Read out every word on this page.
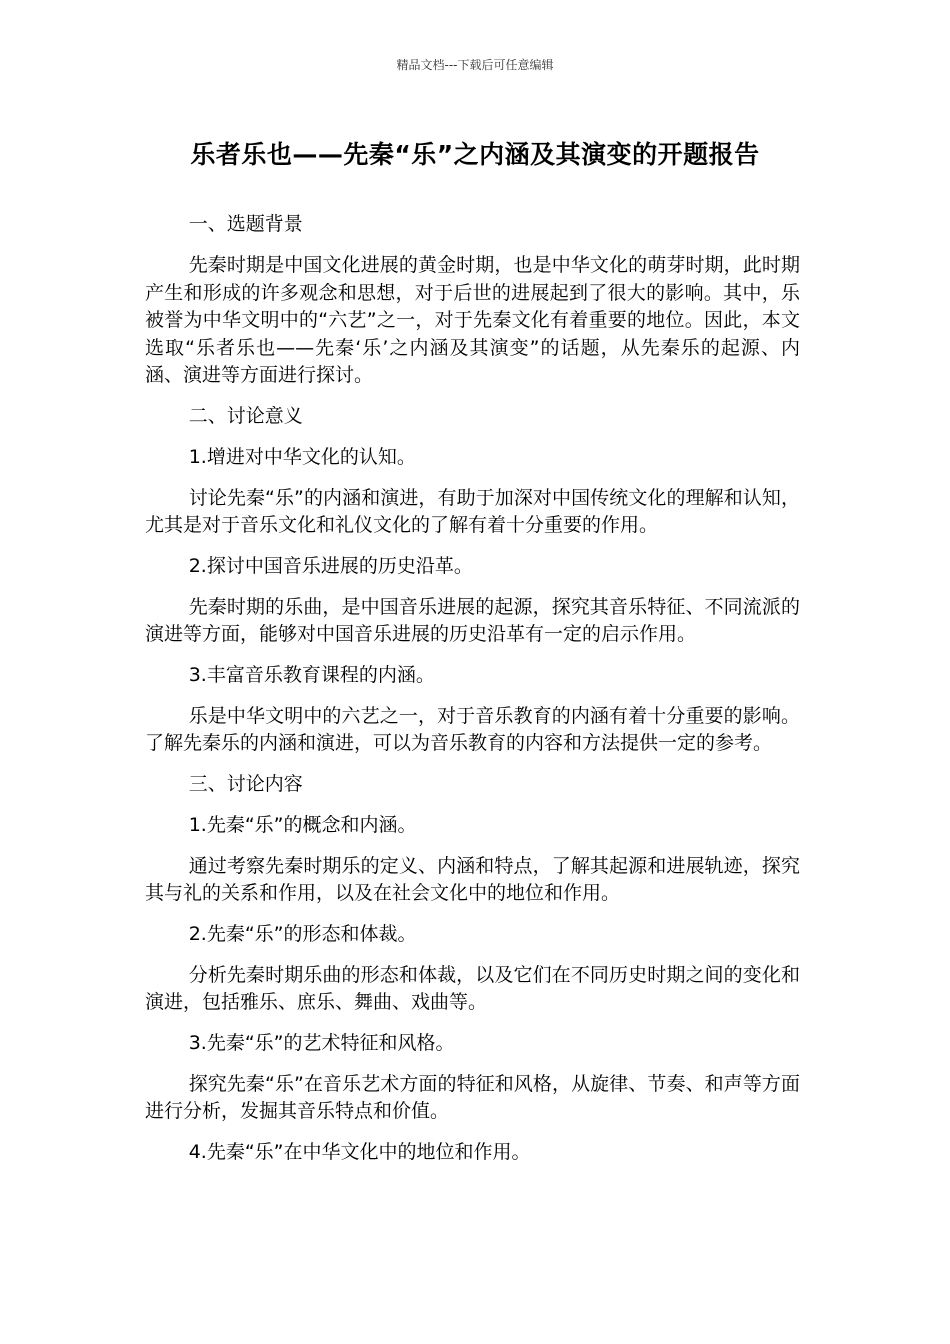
精品文档---下载后可任意编辑
乐者乐也——先秦“乐”之内涵及其演变的开题报告

一、选题背景

先秦时期是中国文化进展的黄金时期，也是中华文化的萌芽时期，此时期产生和形成的许多观念和思想，对于后世的进展起到了很大的影响。其中，乐被誉为中华文明中的“六艺”之一，对于先秦文化有着重要的地位。因此，本文选取“乐者乐也——先秦‘乐’之内涵及其演变”的话题，从先秦乐的起源、内涵、演进等方面进行探讨。

二、讨论意义

1.增进对中华文化的认知。

讨论先秦“乐”的内涵和演进，有助于加深对中国传统文化的理解和认知，尤其是对于音乐文化和礼仪文化的了解有着十分重要的作用。

2.探讨中国音乐进展的历史沿革。

先秦时期的乐曲，是中国音乐进展的起源，探究其音乐特征、不同流派的演进等方面，能够对中国音乐进展的历史沿革有一定的启示作用。

3.丰富音乐教育课程的内涵。

乐是中华文明中的六艺之一，对于音乐教育的内涵有着十分重要的影响。了解先秦乐的内涵和演进，可以为音乐教育的内容和方法提供一定的参考。

三、讨论内容

1.先秦“乐”的概念和内涵。

通过考察先秦时期乐的定义、内涵和特点，了解其起源和进展轨迹，探究其与礼的关系和作用，以及在社会文化中的地位和作用。

2.先秦“乐”的形态和体裁。

分析先秦时期乐曲的形态和体裁，以及它们在不同历史时期之间的变化和演进，包括雅乐、庶乐、舞曲、戏曲等。

3.先秦“乐”的艺术特征和风格。

探究先秦“乐”在音乐艺术方面的特征和风格，从旋律、节奏、和声等方面进行分析，发掘其音乐特点和价值。

4.先秦“乐”在中华文化中的地位和作用。
